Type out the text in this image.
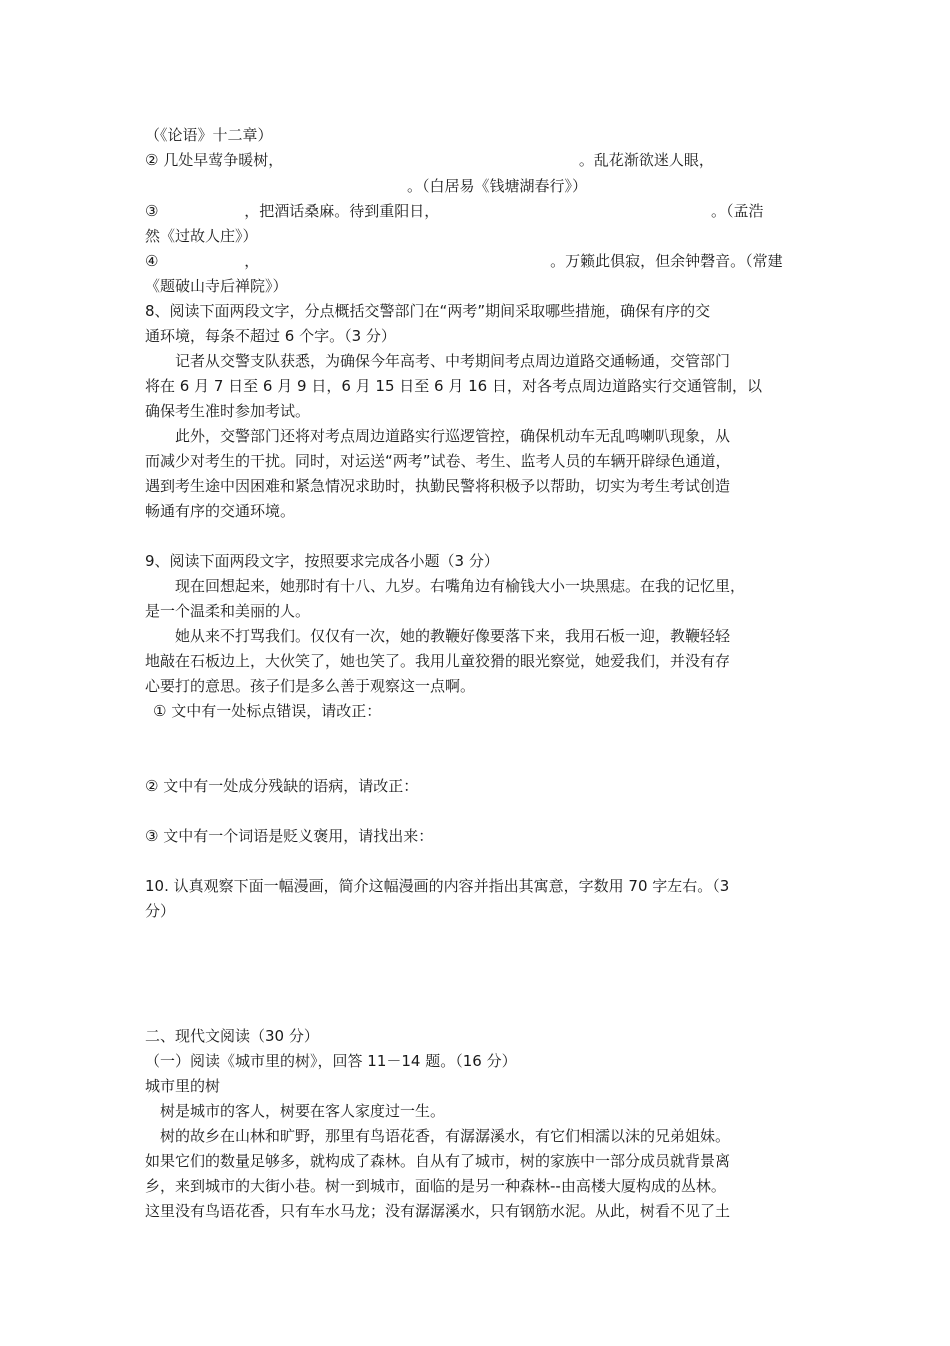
（《论语》十二章）
② 几处早莺争暖树，                                                              。乱花渐欲迷人眼，
。（白居易《钱塘湖春行》）
③                  ，把酒话桑麻。待到重阳日，                                                         。（孟浩
然《过故人庄》）
④                  ，                                                             。万籁此俱寂，但余钟磬音。（常建
《题破山寺后禅院》）
8、阅读下面两段文字，分点概括交警部门在“两考”期间采取哪些措施，确保有序的交
通环境，每条不超过 6 个字。（3 分）
记者从交警支队获悉，为确保今年高考、中考期间考点周边道路交通畅通，交管部门
将在 6 月 7 日至 6 月 9 日，6 月 15 日至 6 月 16 日，对各考点周边道路实行交通管制，以
确保考生准时参加考试。
此外，交警部门还将对考点周边道路实行巡逻管控，确保机动车无乱鸣喇叭现象，从
而减少对考生的干扰。同时，对运送“两考”试卷、考生、监考人员的车辆开辟绿色通道，
遇到考生途中因困难和紧急情况求助时，执勤民警将积极予以帮助，切实为考生考试创造
畅通有序的交通环境。
9、阅读下面两段文字，按照要求完成各小题（3 分）
现在回想起来，她那时有十八、九岁。右嘴角边有榆钱大小一块黑痣。在我的记忆里，
是一个温柔和美丽的人。
她从来不打骂我们。仅仅有一次，她的教鞭好像要落下来，我用石板一迎，教鞭轻轻
地敲在石板边上，大伙笑了，她也笑了。我用儿童狡猾的眼光察觉，她爱我们，并没有存
心要打的意思。孩子们是多么善于观察这一点啊。
① 文中有一处标点错误，请改正：
② 文中有一处成分残缺的语病，请改正：
③ 文中有一个词语是贬义褒用，请找出来：
10. 认真观察下面一幅漫画，简介这幅漫画的内容并指出其寓意，字数用 70 字左右。（3
分）
二、现代文阅读（30 分）
（一）阅读《城市里的树》，回答 11－14 题。（16 分）
城市里的树
树是城市的客人，树要在客人家度过一生。
树的故乡在山林和旷野，那里有鸟语花香，有潺潺溪水，有它们相濡以沫的兄弟姐妹。
如果它们的数量足够多，就构成了森林。自从有了城市，树的家族中一部分成员就背景离
乡，来到城市的大街小巷。树一到城市，面临的是另一种森林--由高楼大厦构成的丛林。
这里没有鸟语花香，只有车水马龙；没有潺潺溪水，只有钢筋水泥。从此，树看不见了土
